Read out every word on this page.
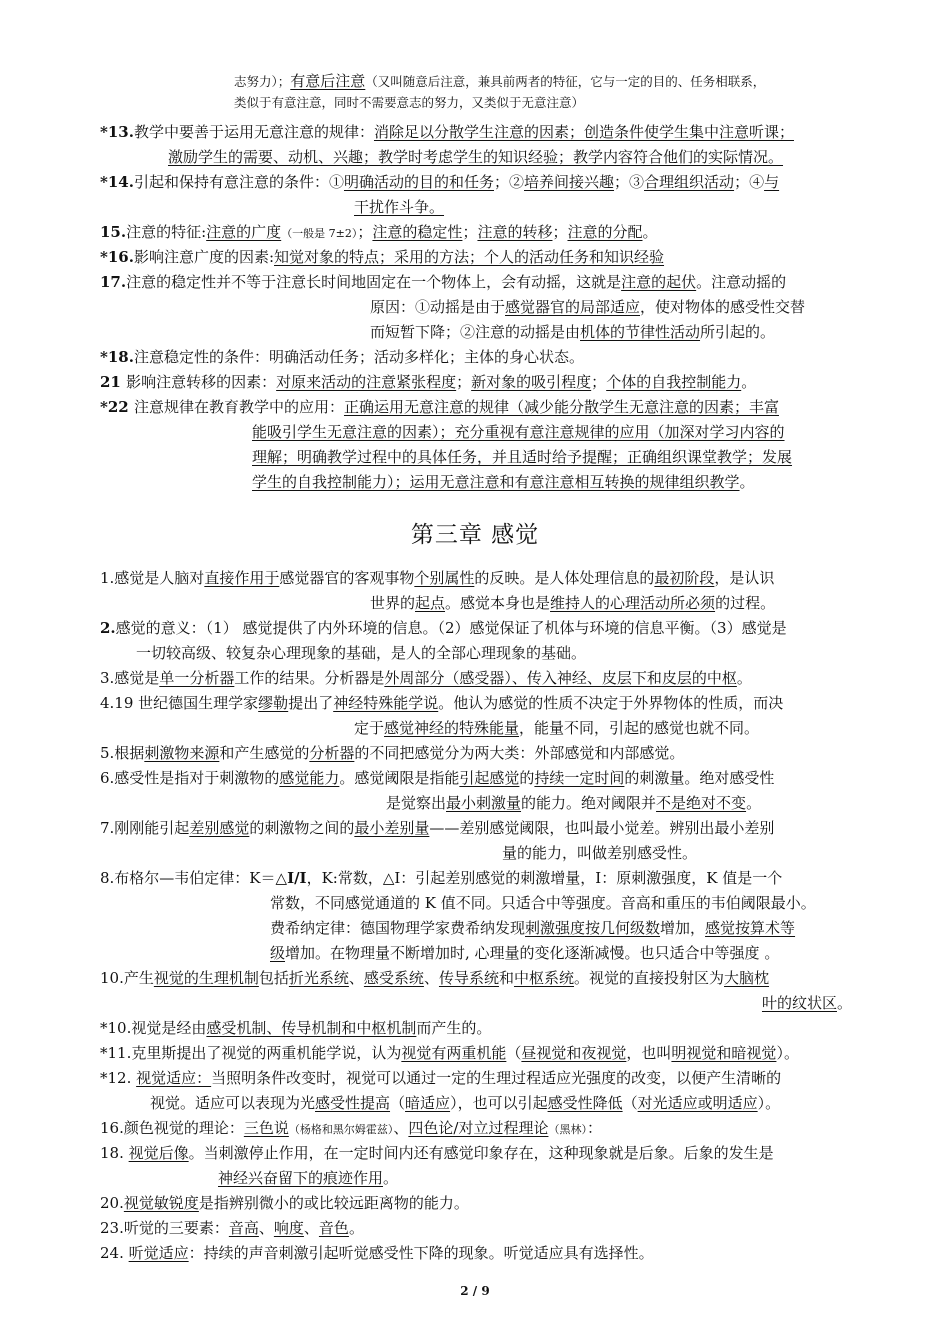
志努力）；有意后注意（又叫随意后注意，兼具前两者的特征，它与一定的目的、任务相联系，
类似于有意注意，同时不需要意志的努力，又类似于无意注意）
*13.教学中要善于运用无意注意的规律：消除足以分散学生注意的因素；创造条件使学生集中注意听课；
激励学生的需要、动机、兴趣；教学时考虑学生的知识经验；教学内容符合他们的实际情况。
*14.引起和保持有意注意的条件：①明确活动的目的和任务；②培养间接兴趣；③合理组织活动；④与
干扰作斗争。
15.注意的特征:注意的广度（一般是 7±2）；注意的稳定性；注意的转移；注意的分配。
*16.影响注意广度的因素:知觉对象的特点；采用的方法；个人的活动任务和知识经验
17.注意的稳定性并不等于注意长时间地固定在一个物体上，会有动摇，这就是注意的起伏。注意动摇的
原因：①动摇是由于感觉器官的局部适应，使对物体的感受性交替
而短暂下降；②注意的动摇是由机体的节律性活动所引起的。
*18.注意稳定性的条件：明确活动任务；活动多样化；主体的身心状态。
21 影响注意转移的因素：对原来活动的注意紧张程度；新对象的吸引程度；个体的自我控制能力。
*22 注意规律在教育教学中的应用：正确运用无意注意的规律（减少能分散学生无意注意的因素；丰富
能吸引学生无意注意的因素）；充分重视有意注意规律的应用（加深对学习内容的
理解；明确教学过程中的具体任务，并且适时给予提醒；正确组织课堂教学；发展
学生的自我控制能力）；运用无意注意和有意注意相互转换的规律组织教学。
第三章 感觉
1.感觉是人脑对直接作用于感觉器官的客观事物个别属性的反映。是人体处理信息的最初阶段，是认识
世界的起点。感觉本身也是维持人的心理活动所必须的过程。
2.感觉的意义：（1） 感觉提供了内外环境的信息。（2）感觉保证了机体与环境的信息平衡。（3）感觉是
一切较高级、较复杂心理现象的基础，是人的全部心理现象的基础。
3.感觉是单一分析器工作的结果。分析器是外周部分（感受器）、传入神经、皮层下和皮层的中枢。
4.19 世纪德国生理学家缪勒提出了神经特殊能学说。他认为感觉的性质不决定于外界物体的性质，而决
定于感觉神经的特殊能量，能量不同，引起的感觉也就不同。
5.根据刺激物来源和产生感觉的分析器的不同把感觉分为两大类：外部感觉和内部感觉。
6.感受性是指对于刺激物的感觉能力。感觉阈限是指能引起感觉的持续一定时间的刺激量。绝对感受性
是觉察出最小刺激量的能力。绝对阈限并不是绝对不变。
7.刚刚能引起差别感觉的刺激物之间的最小差别量——差别感觉阈限，也叫最小觉差。辨别出最小差别
量的能力，叫做差别感受性。
8.布格尔—韦伯定律：K＝△I/I，K:常数，△I：引起差别感觉的刺激增量，I：原刺激强度，K 值是一个
常数，不同感觉通道的 K 值不同。只适合中等强度。音高和重压的韦伯阈限最小。
费希纳定律：德国物理学家费希纳发现刺激强度按几何级数增加，感觉按算术等
级增加。在物理量不断增加时, 心理量的变化逐渐减慢。也只适合中等强度 。
10.产生视觉的生理机制包括折光系统、感受系统、传导系统和中枢系统。视觉的直接投射区为大脑枕
叶的纹状区。
*10.视觉是经由感受机制、传导机制和中枢机制而产生的。
*11.克里斯提出了视觉的两重机能学说，认为视觉有两重机能（昼视觉和夜视觉，也叫明视觉和暗视觉）。
*12. 视觉适应：当照明条件改变时，视觉可以通过一定的生理过程适应光强度的改变，以便产生清晰的
视觉。适应可以表现为光感受性提高（暗适应），也可以引起感受性降低（对光适应或明适应）。
16.颜色视觉的理论：三色说（杨格和黑尔姆霍兹）、四色论/对立过程理论（黑林）：
18. 视觉后像。当刺激停止作用，在一定时间内还有感觉印象存在，这种现象就是后象。后象的发生是
神经兴奋留下的痕迹作用。
20.视觉敏锐度是指辨别微小的或比较远距离物的能力。
23.听觉的三要素：音高、响度、音色。
24. 听觉适应：持续的声音刺激引起听觉感受性下降的现象。听觉适应具有选择性。
2 / 9
